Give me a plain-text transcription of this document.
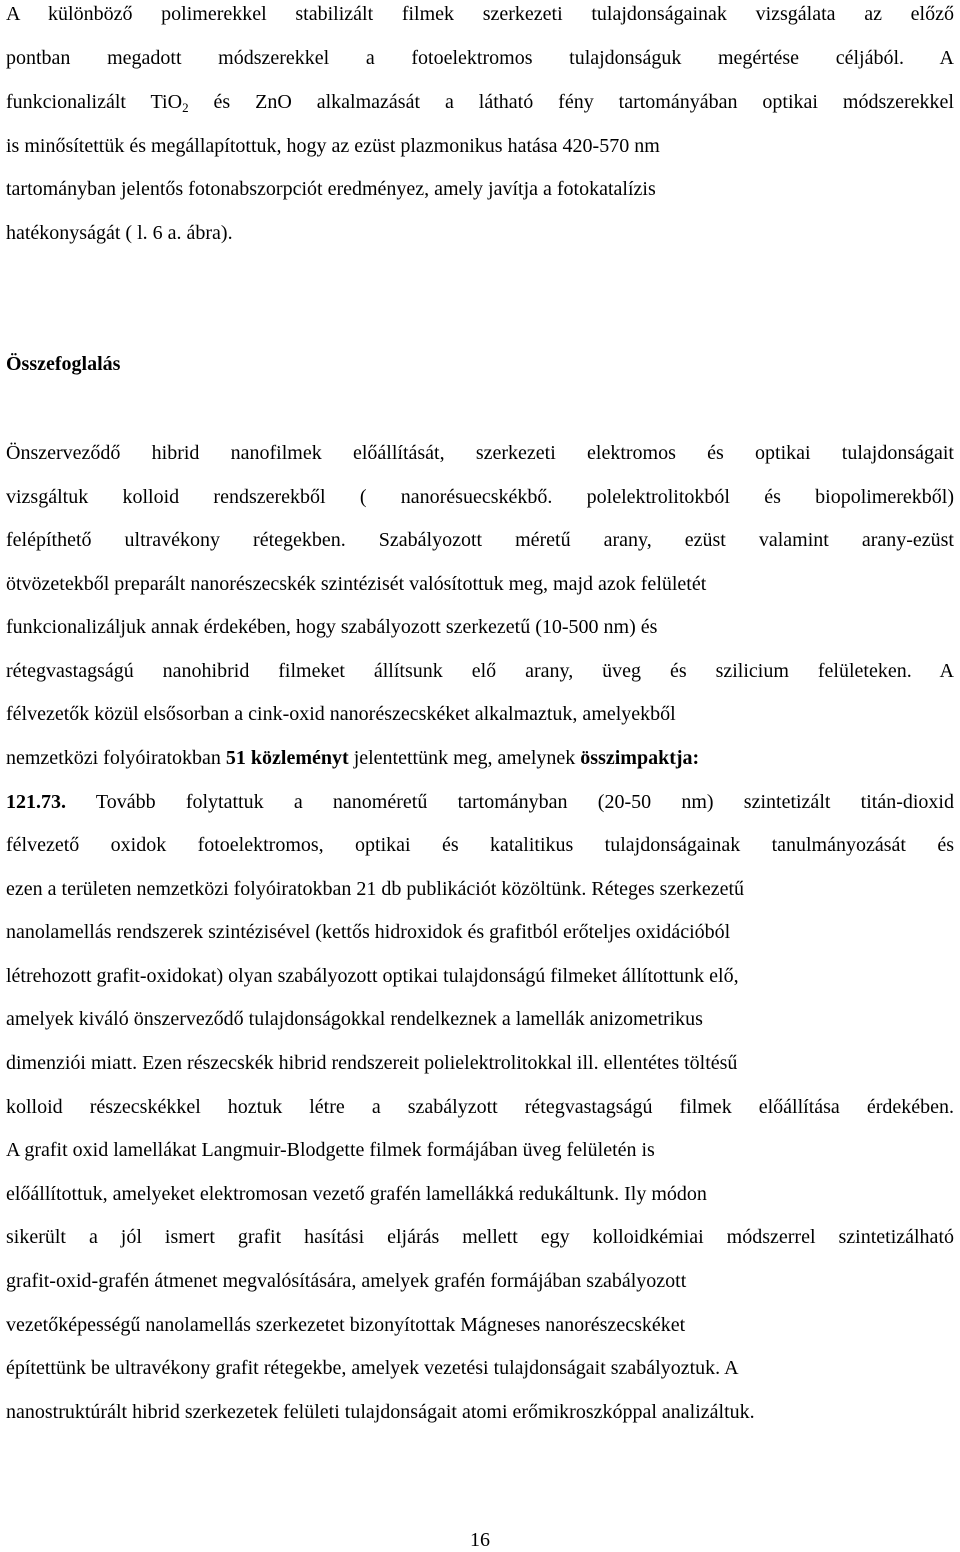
A különböző polimerekkel stabilizált filmek szerkezeti tulajdonságainak vizsgálata az előző
pontban megadott módszerekkel a fotoelektromos tulajdonságuk megértése céljából. A
funkcionalizált TiO$_2$ és ZnO alkalmazását a látható fény tartományában optikai módszerekkel
is minősítettük és megállapítottuk, hogy az ezüst plazmonikus hatása 420-570 nm
tartományban jelentős fotonabszorpciót eredményez, amely javítja a fotokatalízis
hatékonyságát ( l. 6 a. ábra).
Összefoglalás
Önszerveződő hibrid nanofilmek előállítását, szerkezeti elektromos és optikai tulajdonságait
vizsgáltuk kolloid rendszerekből ( nanorésuecskékbő. polelektrolitokból és biopolimerekből)
felépíthető ultravékony rétegekben. Szabályozott méretű arany, ezüst valamint arany-ezüst
ötvözetekből preparált nanorészecskék szintézisét valósítottuk meg, majd azok felületét
funkcionalizáljuk annak érdekében, hogy szabályozott szerkezetű (10-500 nm) és
rétegvastagságú nanohibrid filmeket állítsunk elő arany, üveg és szilicium felületeken. A
félvezetők közül elsősorban a cink-oxid nanorészecskéket alkalmaztuk, amelyekből
nemzetközi folyóiratokban 51 közleményt jelentettünk meg, amelynek összimpaktja:
121.73. Tovább folytattuk a nanoméretű tartományban (20-50 nm) szintetizált titán-dioxid
félvezető oxidok fotoelektromos, optikai és katalitikus tulajdonságainak tanulmányozását és
ezen a területen nemzetközi folyóiratokban 21 db publikációt közöltünk. Réteges szerkezetű
nanolamellás rendszerek szintézisével (kettős hidroxidok és grafitból erőteljes oxidációból
létrehozott grafit-oxidokat) olyan szabályozott optikai tulajdonságú filmeket állítottunk elő,
amelyek kiváló önszerveződő tulajdonságokkal rendelkeznek a lamellák anizometrikus
dimenziói miatt. Ezen részecskék hibrid rendszereit polielektrolitokkal ill. ellentétes töltésű
kolloid részecskékkel hoztuk létre a szabályzott rétegvastagságú filmek előállítása érdekében.
A grafit oxid lamellákat Langmuir-Blodgette filmek formájában üveg felületén is
előállítottuk, amelyeket elektromosan vezető grafén lamellákká redukáltunk. Ily módon
sikerült a jól ismert grafit hasítási eljárás mellett egy kolloidkémiai módszerrel szintetizálható
grafit-oxid-grafén átmenet megvalósítására, amelyek grafén formájában szabályozott
vezetőképességű nanolamellás szerkezetet bizonyítottak Mágneses nanorészecskéket
építettünk be ultravékony grafit rétegekbe, amelyek vezetési tulajdonságait szabályoztuk. A
nanostruktúrált hibrid szerkezetek felületi tulajdonságait atomi erőmikroszkóppal analizáltuk.
16
